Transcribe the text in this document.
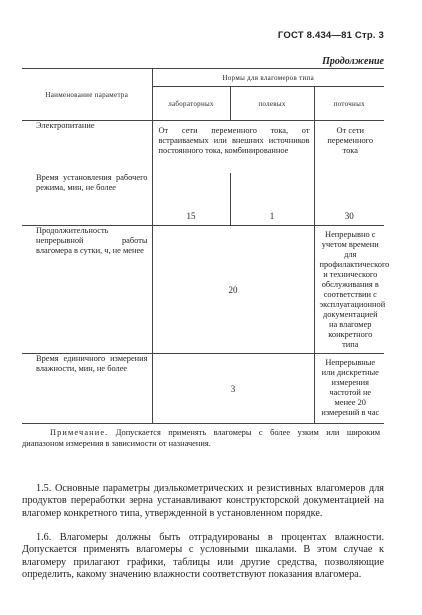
ГОСТ 8.434—81 Стр. 3
Продолжение
Наименование параметра	Нормы для влагомеров типа		
	лабораторных	полевых	поточных
Электропитание	От сети переменного тока, от встраиваемых или внешних источников постоянного тока, комбинированное		От сети переменного тока
Время установления рабочего режима, мин, не более	15	1	30
Продолжительность непрерывной работы влагомера в сутки, ч, не менее	20		Непрерывно с учетом времени для профилактического и технического обслуживания в соответствии с эксплуатационной документацией на влагомер конкретного типа
Время единичного измерения влажности, мин, не более	3		Непрерывные или дискретные измерения частотой не менее 20 измерений в час
Примечание. Допускается применять влагомеры с более узким или широким диапазоном измерения в зависимости от назначения.
1.5. Основные параметры диэлькометрических и резистивных влагомеров для продуктов переработки зерна устанавливают конструкторской документацией на влагомер конкретного типа, утвержденной в установленном порядке.
1.6. Влагомеры должны быть отградуированы в процентах влажности. Допускается применять влагомеры с условными шкалами. В этом случае к влагомеру прилагают графики, таблицы или другие средства, позволяющие определить, какому значению влажности соответствуют показания влагомера.
